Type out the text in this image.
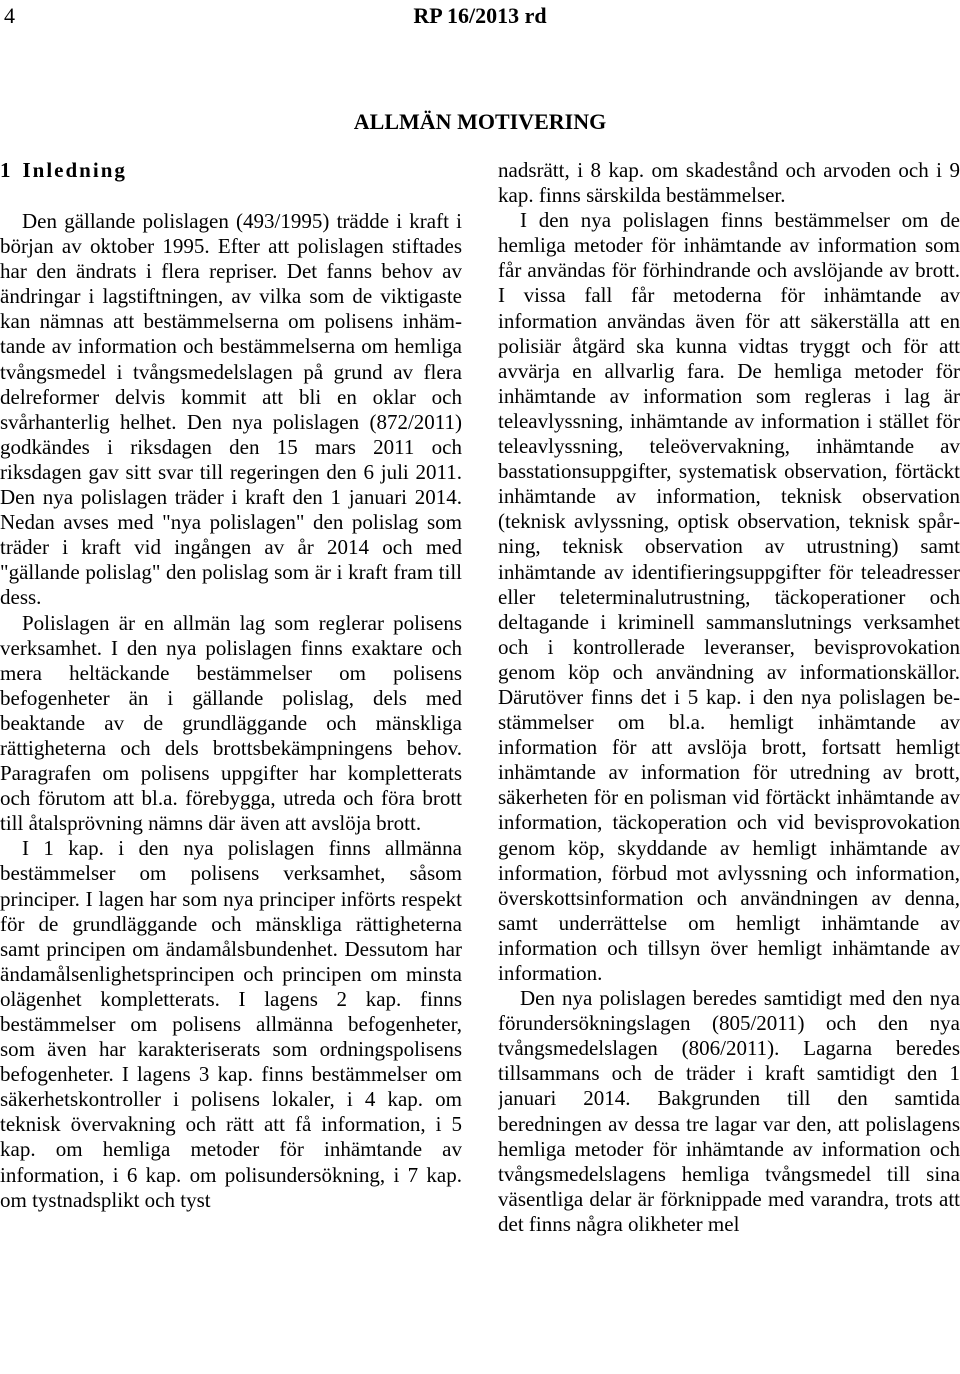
4	RP 16/2013 rd
ALLMÄN MOTIVERING
1 Inledning

Den gällande polislagen (493/1995) trädde i kraft i början av oktober 1995. Efter att polislagen stiftades har den ändrats i flera repriser. Det fanns behov av ändringar i lagstiftningen, av vilka som de viktigaste kan nämnas att bestämmelserna om polisens inhämtande av information och bestämmelserna om hemliga tvångsmedel i tvångsmedelslagen på grund av flera delreformer delvis kommit att bli en oklar och svårhanterlig helhet. Den nya polislagen (872/2011) godkändes i riksdagen den 15 mars 2011 och riksdagen gav sitt svar till regeringen den 6 juli 2011. Den nya polislagen träder i kraft den 1 januari 2014. Nedan avses med "nya polislagen" den polislag som träder i kraft vid ingången av år 2014 och med "gällande polislag" den polislag som är i kraft fram till dess.

Polislagen är en allmän lag som reglerar polisens verksamhet. I den nya polislagen finns exaktare och mera heltäckande bestämmelser om polisens befogenheter än i gällande polislag, dels med beaktande av de grundläggande och mänskliga rättigheterna och dels brottsbekämpningens behov. Paragrafen om polisens uppgifter har kompletterats och förutom att bl.a. förebygga, utreda och föra brott till åtalsprövning nämns där även att avslöja brott.

I 1 kap. i den nya polislagen finns allmänna bestämmelser om polisens verksamhet, såsom principer. I lagen har som nya principer införts respekt för de grundläggande och mänskliga rättigheterna samt principen om ändamålsbundenhet. Dessutom har ändamålsenlighetsprincipen och principen om minsta olägenhet kompletterats. I lagens 2 kap. finns bestämmelser om polisens allmänna befogenheter, som även har karakteriserats som ordningspolisens befogenheter. I lagens 3 kap. finns bestämmelser om säkerhetskontroller i polisens lokaler, i 4 kap. om teknisk övervakning och rätt att få information, i 5 kap. om hemliga metoder för inhämtande av information, i 6 kap. om polisundersökning, i 7 kap. om tystnadsplikt och tyst

nadsrätt, i 8 kap. om skadestånd och arvoden och i 9 kap. finns särskilda bestämmelser.

I den nya polislagen finns bestämmelser om de hemliga metoder för inhämtande av information som får användas för förhindrande och avslöjande av brott. I vissa fall får metoderna för inhämtande av information användas även för att säkerställa att en polisiär åtgärd ska kunna vidtas tryggt och för att avvärja en allvarlig fara. De hemliga metoder för inhämtande av information som regleras i lag är teleavlyssning, inhämtande av information i stället för teleavlyssning, teleövervakning, inhämtande av basstationsuppgifter, systematisk observation, förtäckt inhämtande av information, teknisk observation (teknisk avlyssning, optisk observation, teknisk spårning, teknisk observation av utrustning) samt inhämtande av identifieringsuppgifter för teleadresser eller teleterminalutrustning, täckoperationer och deltagande i kriminell sammanslutnings verksamhet och i kontrollerade leveranser, bevisprovokation genom köp och användning av informationskällor. Därutöver finns det i 5 kap. i den nya polislagen bestämmelser om bl.a. hemligt inhämtande av information för att avslöja brott, fortsatt hemligt inhämtande av information för utredning av brott, säkerheten för en polisman vid förtäckt inhämtande av information, täckoperation och vid bevisprovokation genom köp, skyddande av hemligt inhämtande av information, förbud mot avlyssning och information, överskottsinformation och användningen av denna, samt underrättelse om hemligt inhämtande av information och tillsyn över hemligt inhämtande av information.

Den nya polislagen beredes samtidigt med den nya förundersökningslagen (805/2011) och den nya tvångsmedelslagen (806/2011). Lagarna beredes tillsammans och de träder i kraft samtidigt den 1 januari 2014. Bakgrunden till den samtida beredningen av dessa tre lagar var den, att polislagens hemliga metoder för inhämtande av information och tvångsmedelslagens hemliga tvångsmedel till sina väsentliga delar är förknippade med varandra, trots att det finns några olikheter mel
